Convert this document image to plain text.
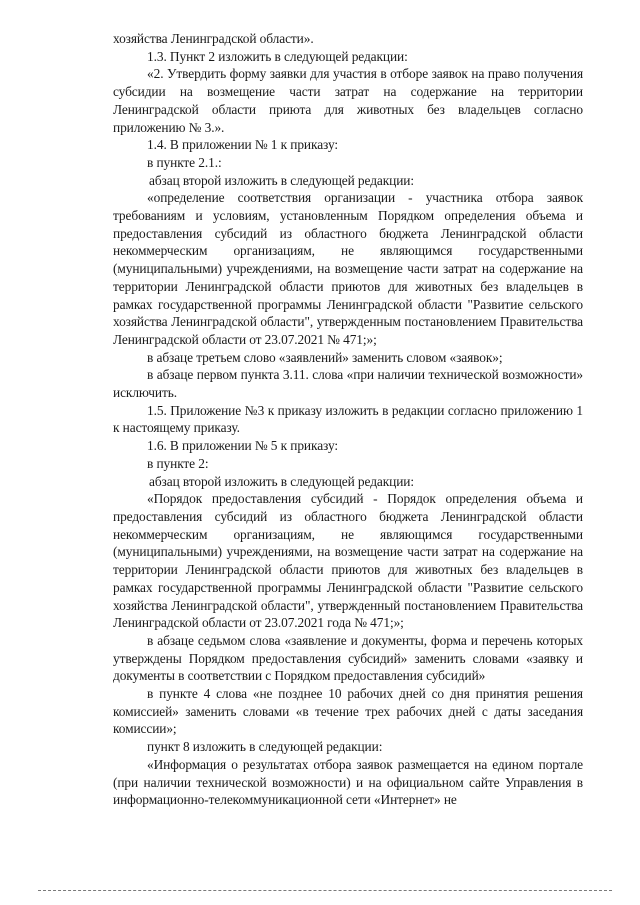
хозяйства Ленинградской области».

1.3. Пункт 2 изложить в следующей редакции:

«2. Утвердить форму заявки для участия в отборе заявок на право получения субсидии на возмещение части затрат на содержание на территории Ленинградской области приюта для животных без владельцев согласно приложению № 3.».

1.4. В приложении № 1 к приказу:

в пункте 2.1.:

абзац второй изложить в следующей редакции:

«определение соответствия организации - участника отбора заявок требованиям и условиям, установленным Порядком определения объема и предоставления субсидий из областного бюджета Ленинградской области некоммерческим организациям, не являющимся государственными (муниципальными) учреждениями, на возмещение части затрат на содержание на территории Ленинградской области приютов для животных без владельцев в рамках государственной программы Ленинградской области "Развитие сельского хозяйства Ленинградской области", утвержденным постановлением Правительства Ленинградской области от 23.07.2021 № 471;»;

в абзаце третьем слово «заявлений» заменить словом «заявок»;

в абзаце первом пункта 3.11. слова «при наличии технической возможности» исключить.

1.5. Приложение №3 к приказу изложить в редакции согласно приложению 1 к настоящему приказу.

1.6. В приложении № 5 к приказу:

в пункте 2:

абзац второй изложить в следующей редакции:

«Порядок предоставления субсидий - Порядок определения объема и предоставления субсидий из областного бюджета Ленинградской области некоммерческим организациям, не являющимся государственными (муниципальными) учреждениями, на возмещение части затрат на содержание на территории Ленинградской области приютов для животных без владельцев в рамках государственной программы Ленинградской области "Развитие сельского хозяйства Ленинградской области", утвержденный постановлением Правительства Ленинградской области от 23.07.2021 года № 471;»;

в абзаце седьмом слова «заявление и документы, форма и перечень которых утверждены Порядком предоставления субсидий» заменить словами «заявку и документы в соответствии с Порядком предоставления субсидий»

в пункте 4 слова «не позднее 10 рабочих дней со дня принятия решения комиссией» заменить словами «в течение трех рабочих дней с даты заседания комиссии»;

пункт 8 изложить в следующей редакции:

«Информация о результатах отбора заявок размещается на едином портале (при наличии технической возможности) и на официальном сайте Управления в информационно-телекоммуникационной сети «Интернет» не
